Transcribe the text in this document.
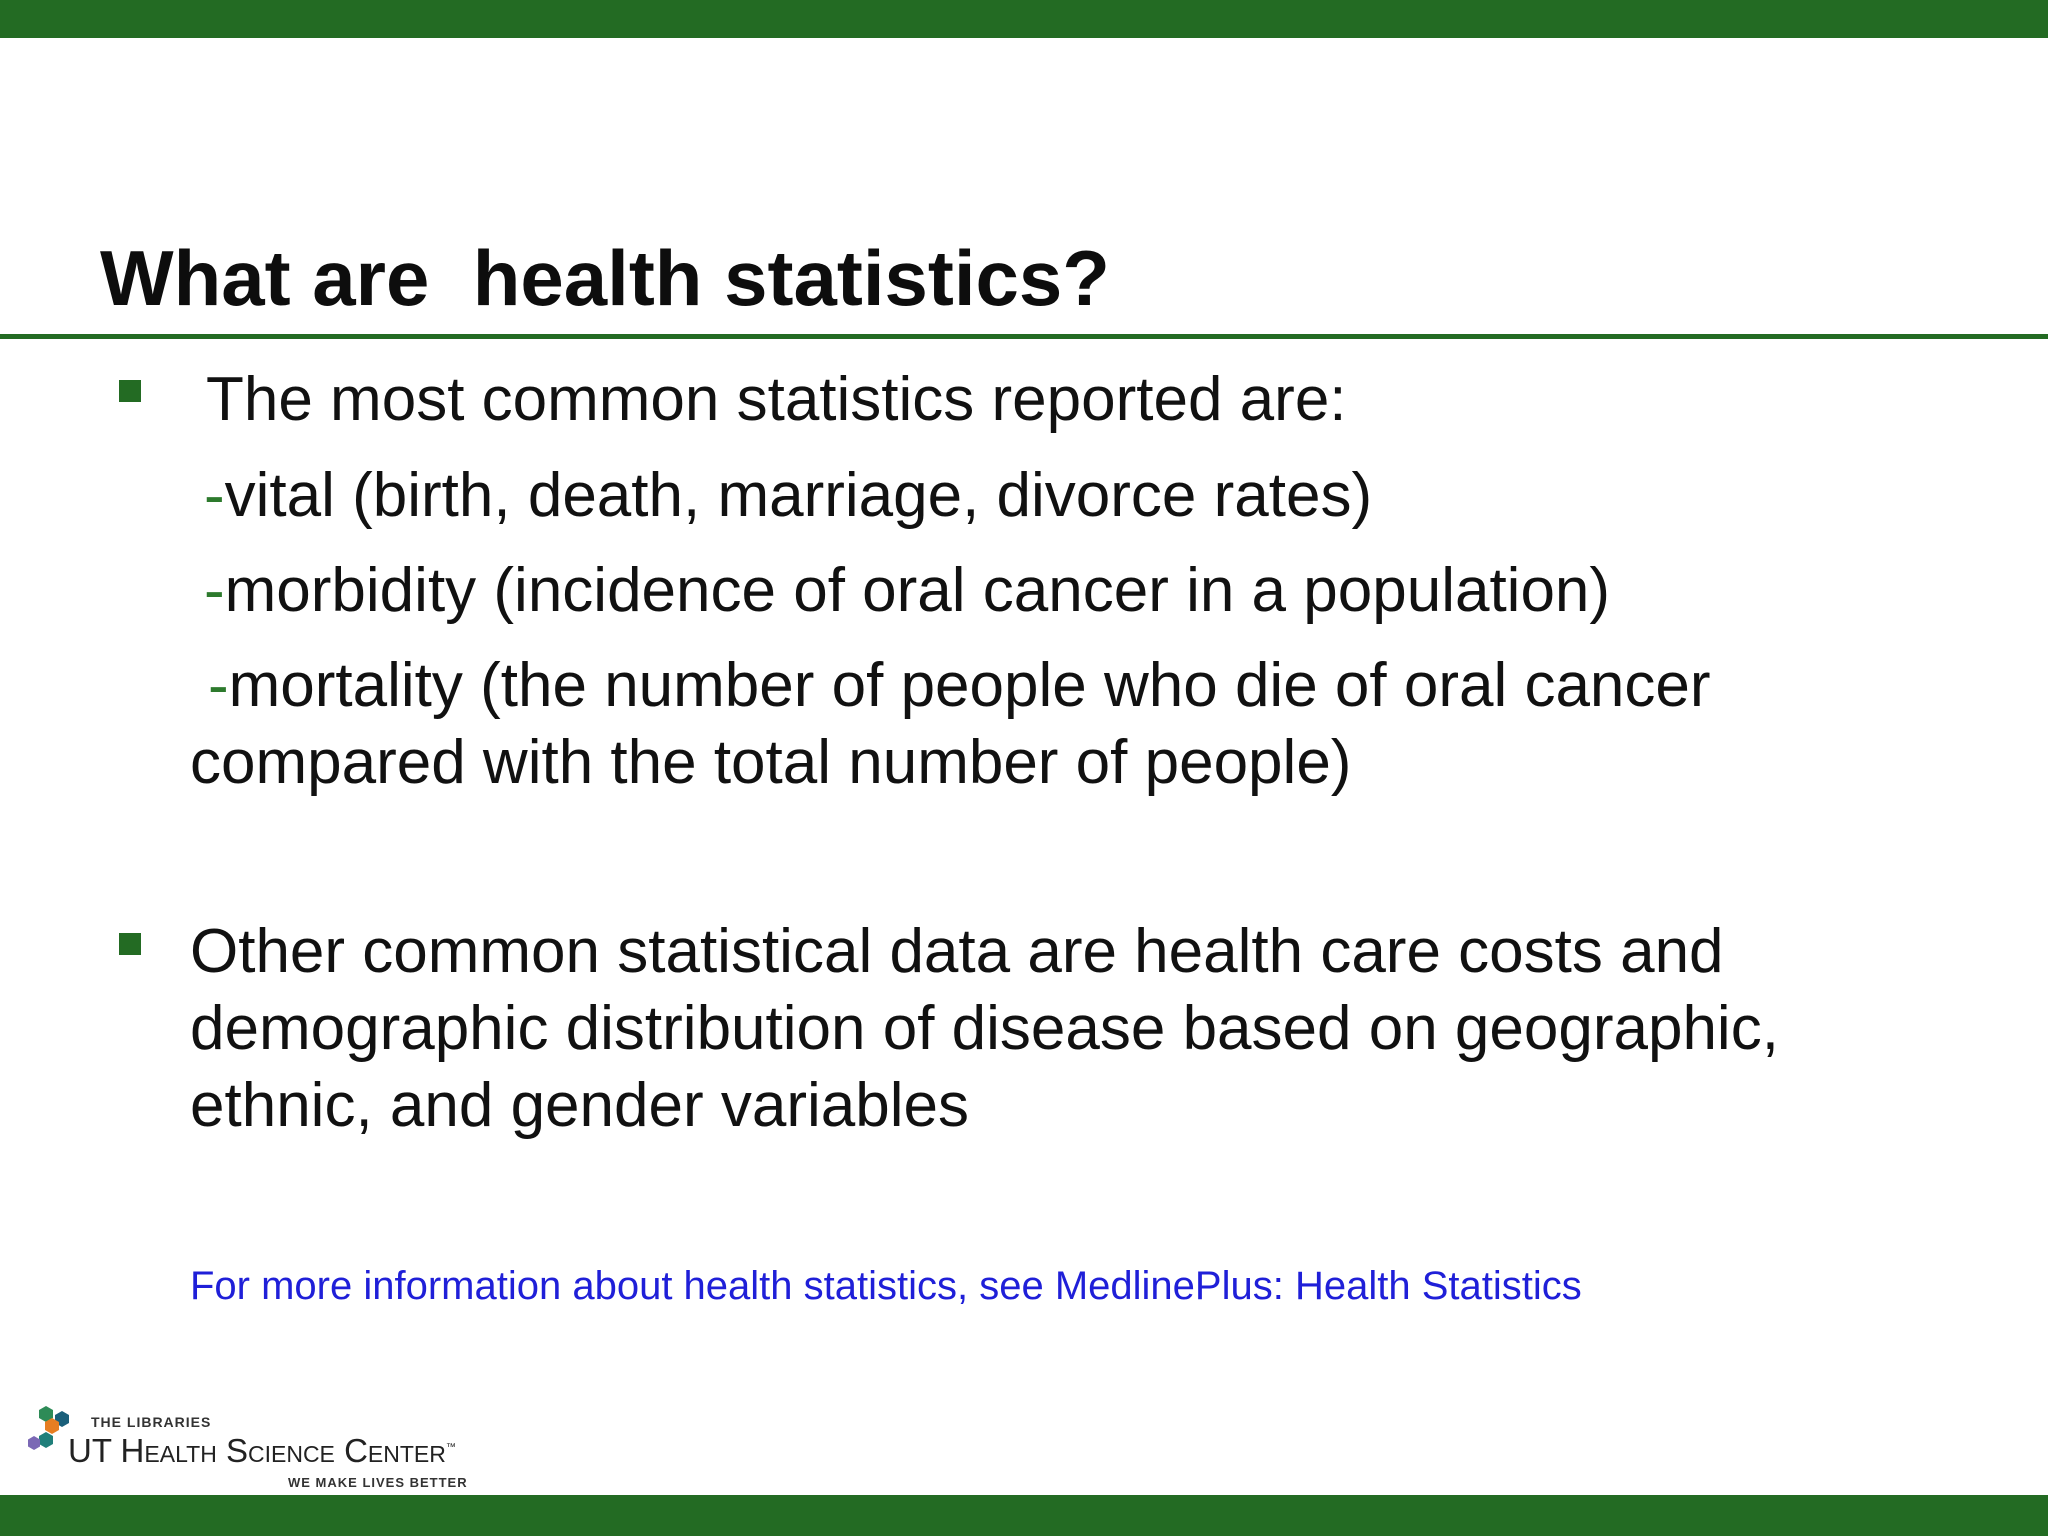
What are  health statistics?

The most common statistics reported are:

-vital (birth, death, marriage, divorce rates)

-morbidity (incidence of oral cancer in a population)

-mortality (the number of people who die of oral cancer

compared with the total number of people)

Other common statistical data are health care costs and

demographic distribution of disease based on geographic,

ethnic, and gender variables

For more information about health statistics, see MedlinePlus: Health Statistics

THE LIBRARIES

UT Health Science Center™

WE MAKE LIVES BETTER
